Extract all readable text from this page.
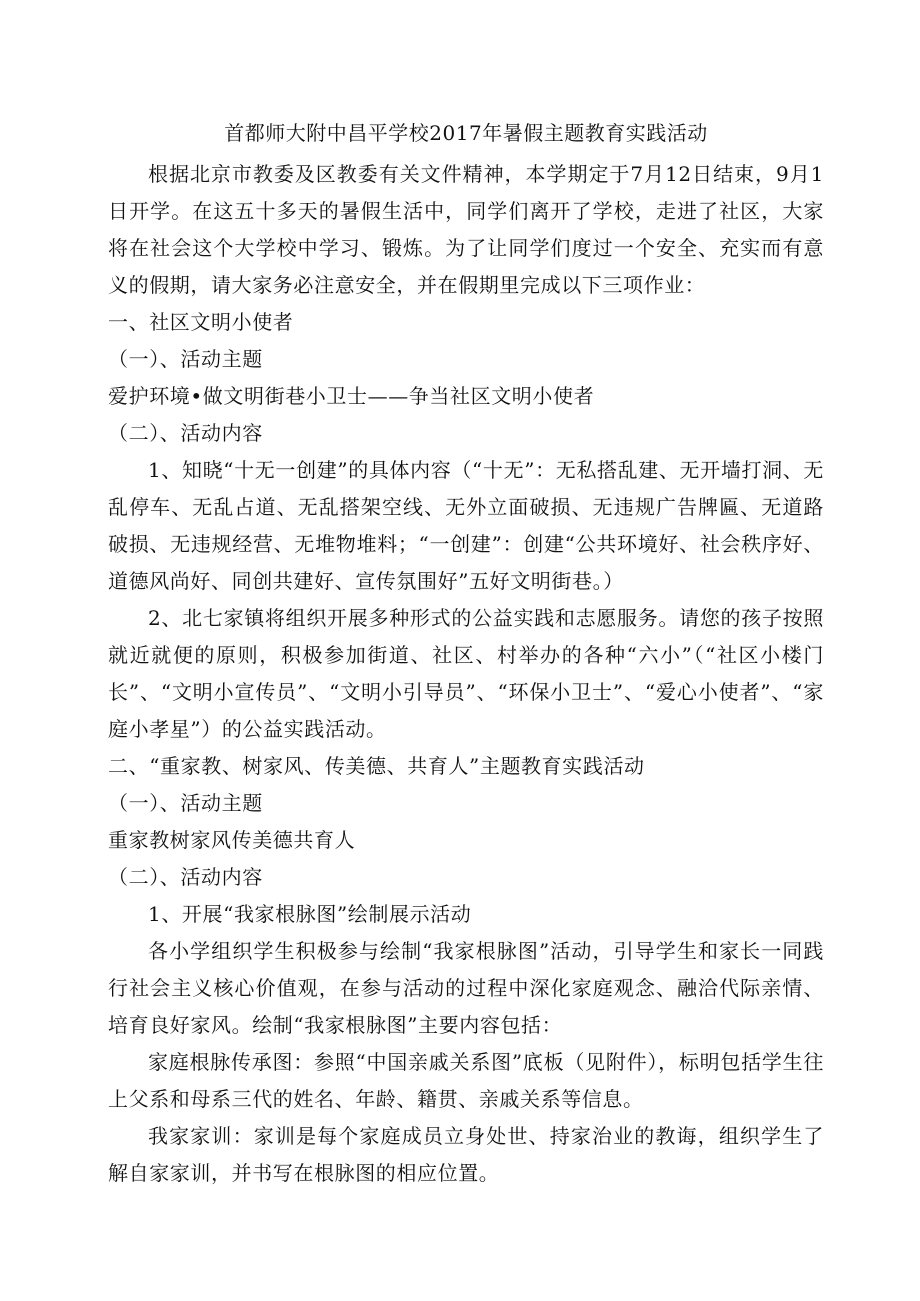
首都师大附中昌平学校2017年暑假主题教育实践活动

根据北京市教委及区教委有关文件精神，本学期定于7月12日结束，9月1日开学。在这五十多天的暑假生活中，同学们离开了学校，走进了社区，大家将在社会这个大学校中学习、锻炼。为了让同学们度过一个安全、充实而有意义的假期，请大家务必注意安全，并在假期里完成以下三项作业：

一、社区文明小使者

（一）、活动主题

爱护环境•做文明街巷小卫士——争当社区文明小使者

（二）、活动内容

1、知晓“十无一创建”的具体内容（“十无”：无私搭乱建、无开墙打洞、无乱停车、无乱占道、无乱搭架空线、无外立面破损、无违规广告牌匾、无道路破损、无违规经营、无堆物堆料；“一创建”：创建“公共环境好、社会秩序好、道德风尚好、同创共建好、宣传氛围好”五好文明街巷。）

2、北七家镇将组织开展多种形式的公益实践和志愿服务。请您的孩子按照就近就便的原则，积极参加街道、社区、村举办的各种“六小”（“社区小楼门长”、“文明小宣传员”、“文明小引导员”、“环保小卫士”、“爱心小使者”、“家庭小孝星”）的公益实践活动。

二、“重家教、树家风、传美德、共育人”主题教育实践活动

（一）、活动主题

重家教树家风传美德共育人

（二）、活动内容

1、开展“我家根脉图”绘制展示活动

各小学组织学生积极参与绘制“我家根脉图”活动，引导学生和家长一同践行社会主义核心价值观，在参与活动的过程中深化家庭观念、融洽代际亲情、培育良好家风。绘制“我家根脉图”主要内容包括：

家庭根脉传承图：参照“中国亲戚关系图”底板（见附件），标明包括学生往上父系和母系三代的姓名、年龄、籍贯、亲戚关系等信息。

我家家训：家训是每个家庭成员立身处世、持家治业的教诲，组织学生了解自家家训，并书写在根脉图的相应位置。
